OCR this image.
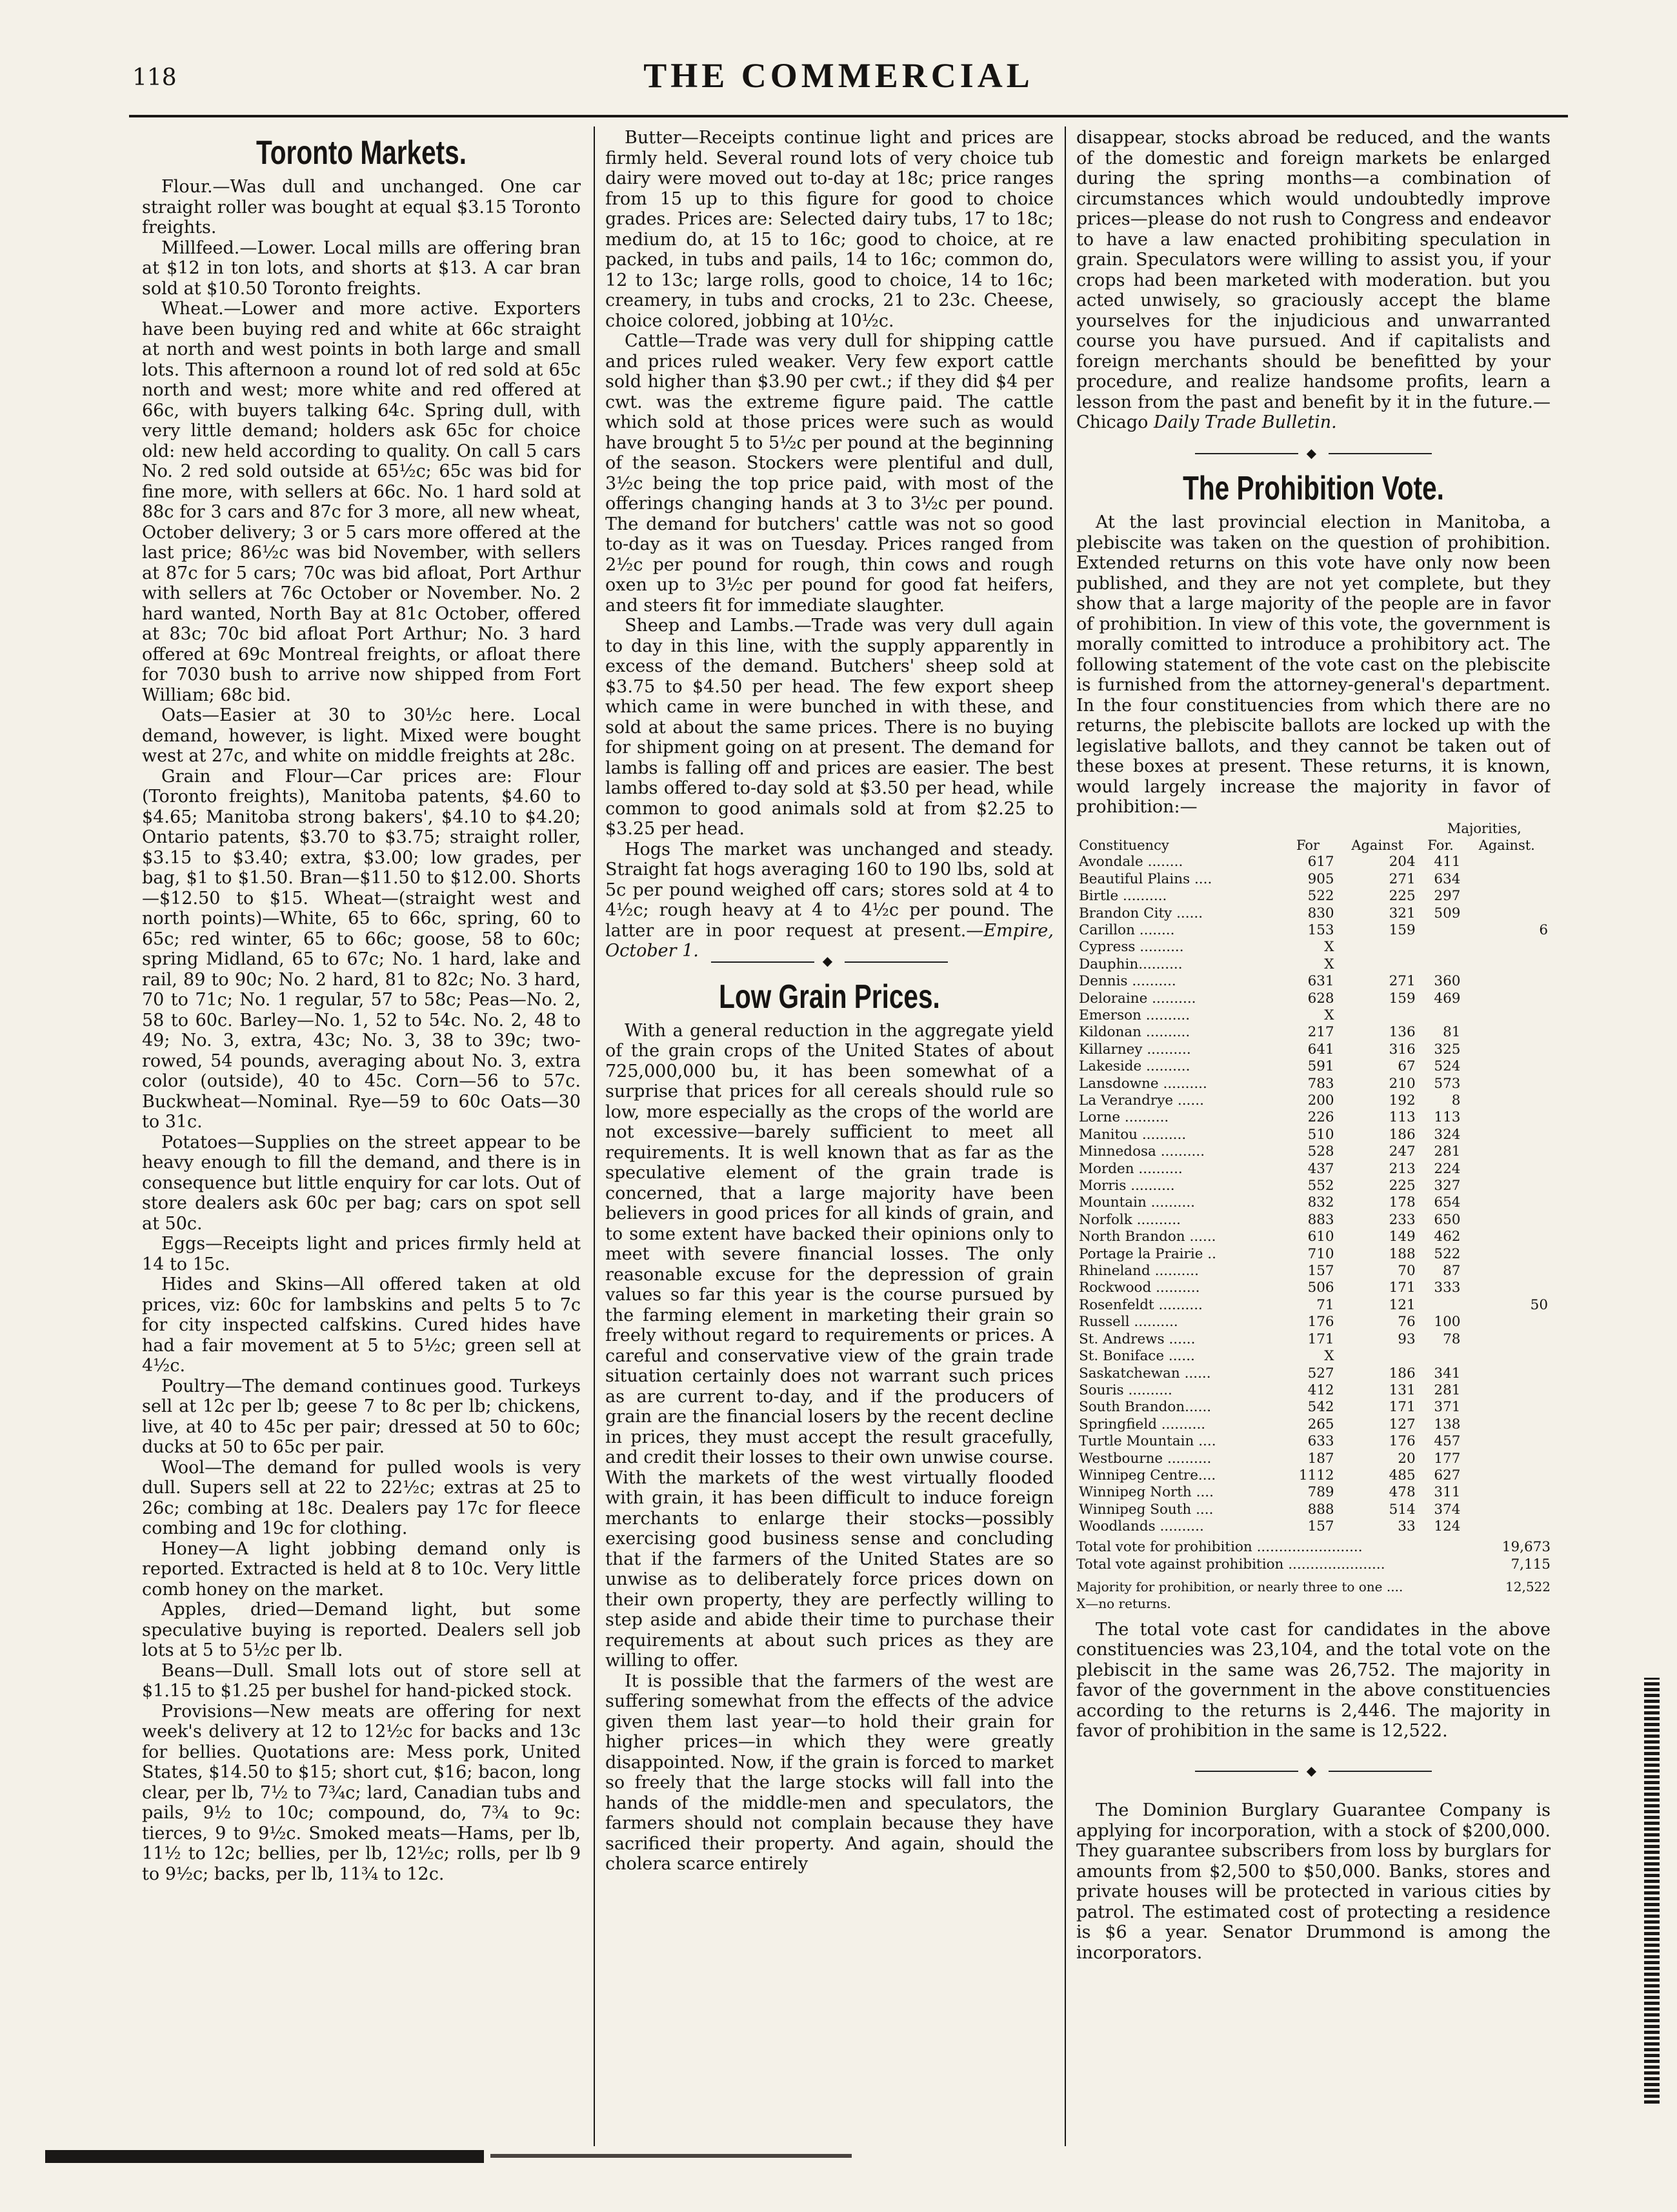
118	THE COMMERCIAL
Toronto Markets.

Flour.—Was dull and unchanged. One car straight roller was bought at equal $3.15 Toronto freights.

Millfeed.—Lower. Local mills are offering bran at $12 in ton lots, and shorts at $13. A car bran sold at $10.50 Toronto freights.

Wheat.—Lower and more active. Exporters have been buying red and white at 66c straight at north and west points in both large and small lots. This afternoon a round lot of red sold at 65c north and west; more white and red offered at 66c, with buyers talking 64c. Spring dull, with very little demand; holders ask 65c for choice old: new held according to quality. On call 5 cars No. 2 red sold outside at 65½c; 65c was bid for fine more, with sellers at 66c. No. 1 hard sold at 88c for 3 cars and 87c for 3 more, all new wheat, October delivery; 3 or 5 cars more offered at the last price; 86½c was bid November, with sellers at 87c for 5 cars; 70c was bid afloat, Port Arthur with sellers at 76c October or November. No. 2 hard wanted, North Bay at 81c October, offered at 83c; 70c bid afloat Port Arthur; No. 3 hard offered at 69c Montreal freights, or afloat there for 7030 bush to arrive now shipped from Fort William; 68c bid.

Oats—Easier at 30 to 30½c here. Local demand, however, is light. Mixed were bought west at 27c, and white on middle freights at 28c.

Grain and Flour—Car prices are: Flour (Toronto freights), Manitoba patents, $4.60 to $4.65; Manitoba strong bakers', $4.10 to $4.20; Ontario patents, $3.70 to $3.75; straight roller, $3.15 to $3.40; extra, $3.00; low grades, per bag, $1 to $1.50. Bran—$11.50 to $12.00. Shorts—$12.50 to $15. Wheat—(straight west and north points)—White, 65 to 66c, spring, 60 to 65c; red winter, 65 to 66c; goose, 58 to 60c; spring Midland, 65 to 67c; No. 1 hard, lake and rail, 89 to 90c; No. 2 hard, 81 to 82c; No. 3 hard, 70 to 71c; No. 1 regular, 57 to 58c; Peas—No. 2, 58 to 60c. Barley—No. 1, 52 to 54c. No. 2, 48 to 49; No. 3, extra, 43c; No. 3, 38 to 39c; two-rowed, 54 pounds, averaging about No. 3, extra color (outside), 40 to 45c. Corn—56 to 57c. Buckwheat—Nominal. Rye—59 to 60c Oats—30 to 31c.

Potatoes—Supplies on the street appear to be heavy enough to fill the demand, and there is in consequence but little enquiry for car lots. Out of store dealers ask 60c per bag; cars on spot sell at 50c.

Eggs—Receipts light and prices firmly held at 14 to 15c.

Hides and Skins—All offered taken at old prices, viz: 60c for lambskins and pelts 5 to 7c for city inspected calfskins. Cured hides have had a fair movement at 5 to 5½c; green sell at 4½c.

Poultry—The demand continues good. Turkeys sell at 12c per lb; geese 7 to 8c per lb; chickens, live, at 40 to 45c per pair; dressed at 50 to 60c; ducks at 50 to 65c per pair.

Wool—The demand for pulled wools is very dull. Supers sell at 22 to 22½c; extras at 25 to 26c; combing at 18c. Dealers pay 17c for fleece combing and 19c for clothing.

Honey—A light jobbing demand only is reported. Extracted is held at 8 to 10c. Very little comb honey on the market.

Apples, dried—Demand light, but some speculative buying is reported. Dealers sell job lots at 5 to 5½c per lb.

Beans—Dull. Small lots out of store sell at $1.15 to $1.25 per bushel for hand-picked stock.

Provisions—New meats are offering for next week's delivery at 12 to 12½c for backs and 13c for bellies. Quotations are: Mess pork, United States, $14.50 to $15; short cut, $16; bacon, long clear, per lb, 7½ to 7¾c; lard, Canadian tubs and pails, 9½ to 10c; compound, do, 7¾ to 9c: tierces, 9 to 9½c. Smoked meats—Hams, per lb, 11½ to 12c; bellies, per lb, 12½c; rolls, per lb 9 to 9½c; backs, per lb, 11¾ to 12c.

Butter—Receipts continue light and prices are firmly held. Several round lots of very choice tub dairy were moved out to-day at 18c; price ranges from 15 up to this figure for good to choice grades. Prices are: Selected dairy tubs, 17 to 18c; medium do, at 15 to 16c; good to choice, at re packed, in tubs and pails, 14 to 16c; common do, 12 to 13c; large rolls, good to choice, 14 to 16c; creamery, in tubs and crocks, 21 to 23c. Cheese, choice colored, jobbing at 10½c.

Cattle—Trade was very dull for shipping cattle and prices ruled weaker. Very few export cattle sold higher than $3.90 per cwt.; if they did $4 per cwt. was the extreme figure paid. The cattle which sold at those prices were such as would have brought 5 to 5½c per pound at the beginning of the season. Stockers were plentiful and dull, 3½c being the top price paid, with most of the offerings changing hands at 3 to 3½c per pound. The demand for butchers' cattle was not so good to-day as it was on Tuesday. Prices ranged from 2½c per pound for rough, thin cows and rough oxen up to 3½c per pound for good fat heifers, and steers fit for immediate slaughter.

Sheep and Lambs.—Trade was very dull again to day in this line, with the supply apparently in excess of the demand. Butchers' sheep sold at $3.75 to $4.50 per head. The few export sheep which came in were bunched in with these, and sold at about the same prices. There is no buying for shipment going on at present. The demand for lambs is falling off and prices are easier. The best lambs offered to-day sold at $3.50 per head, while common to good animals sold at from $2.25 to $3.25 per head.

Hogs The market was unchanged and steady. Straight fat hogs averaging 160 to 190 lbs, sold at 5c per pound weighed off cars; stores sold at 4 to 4½c; rough heavy at 4 to 4½c per pound. The latter are in poor request at present.—Empire, October 1.	◆
Low Grain Prices.

With a general reduction in the aggregate yield of the grain crops of the United States of about 725,000,000 bu, it has been somewhat of a surprise that prices for all cereals should rule so low, more especially as the crops of the world are not excessive—barely sufficient to meet all requirements. It is well known that as far as the speculative element of the grain trade is concerned, that a large majority have been believers in good prices for all kinds of grain, and to some extent have backed their opinions only to meet with severe financial losses. The only reasonable excuse for the depression of grain values so far this year is the course pursued by the farming element in marketing their grain so freely without regard to requirements or prices. A careful and conservative view of the grain trade situation certainly does not warrant such prices as are current to-day, and if the producers of grain are the financial losers by the recent decline in prices, they must accept the result gracefully, and credit their losses to their own unwise course. With the markets of the west virtually flooded with grain, it has been difficult to induce foreign merchants to enlarge their stocks—possibly exercising good business sense and concluding that if the farmers of the United States are so unwise as to deliberately force prices down on their own property, they are perfectly willing to step aside and abide their time to purchase their requirements at about such prices as they are willing to offer.

It is possible that the farmers of the west are suffering somewhat from the effects of the advice given them last year—to hold their grain for higher prices—in which they were greatly disappointed. Now, if the grain is forced to market so freely that the large stocks will fall into the hands of the middle-men and speculators, the farmers should not complain because they have sacrificed their property. And again, should the cholera scarce entirely

disappear, stocks abroad be reduced, and the wants of the domestic and foreign markets be enlarged during the spring months—a combination of circumstances which would undoubtedly improve prices—please do not rush to Congress and endeavor to have a law enacted prohibiting speculation in grain. Speculators were willing to assist you, if your crops had been marketed with moderation. but you acted unwisely, so graciously accept the blame yourselves for the injudicious and unwarranted course you have pursued. And if capitalists and foreign merchants should be benefitted by your procedure, and realize handsome profits, learn a lesson from the past and benefit by it in the future.—Chicago Daily Trade Bulletin.

◆
The Prohibition Vote.

At the last provincial election in Manitoba, a plebiscite was taken on the question of prohibition. Extended returns on this vote have only now been published, and they are not yet complete, but they show that a large majority of the people are in favor of prohibition. In view of this vote, the government is morally comitted to introduce a prohibitory act. The following statement of the vote cast on the plebiscite is furnished from the attorney-general's department. In the four constituencies from which there are no returns, the plebiscite ballots are locked up with the legislative ballots, and they cannot be taken out of these boxes at present. These returns, it is known, would largely increase the majority in favor of prohibition:—

			Majorities,	
Constituency	For	Against	For.	Against.
Avondale ........	617	204	411	
Beautiful Plains ....	905	271	634	
Birtle ..........	522	225	297	
Brandon City ......	830	321	509	
Carillon ........	153	159		6
Cypress ..........	X			
Dauphin..........	X			
Dennis ..........	631	271	360	
Deloraine ..........	628	159	469	
Emerson ..........	X			
Kildonan ..........	217	136	81	
Killarney ..........	641	316	325	
Lakeside ..........	591	67	524	
Lansdowne ..........	783	210	573	
La Verandrye ......	200	192	8	
Lorne ..........	226	113	113	
Manitou ..........	510	186	324	
Minnedosa ..........	528	247	281	
Morden ..........	437	213	224	
Morris ..........	552	225	327	
Mountain ..........	832	178	654	
Norfolk ..........	883	233	650	
North Brandon ......	610	149	462	
Portage la Prairie ..	710	188	522	
Rhineland ..........	157	70	87	
Rockwood ..........	506	171	333	
Rosenfeldt ..........	71	121		50
Russell ..........	176	76	100	
St. Andrews ......	171	93	78	
St. Boniface ......	X			
Saskatchewan ......	527	186	341	
Souris ..........	412	131	281	
South Brandon......	542	171	371	
Springfield ..........	265	127	138	
Turtle Mountain ....	633	176	457	
Westbourne ..........	187	20	177	
Winnipeg Centre....	1112	485	627	
Winnipeg North ....	789	478	311	
Winnipeg South ....	888	514	374	
Woodlands ..........	157	33	124	
Total vote for prohibition ........................	19,673
Total vote against prohibition ......................	7,115
Majority for prohibition, or nearly three to one ....	12,522
X—no returns.

The total vote cast for candidates in the above constituencies was 23,104, and the total vote on the plebiscit in the same was 26,752. The majority in favor of the government in the above constituencies according to the returns is 2,446. The majority in favor of prohibition in the same is 12,522.

◆

The Dominion Burglary Guarantee Company is applying for incorporation, with a stock of $200,000. They guarantee subscribers from loss by burglars for amounts from $2,500 to $50,000. Banks, stores and private houses will be protected in various cities by patrol. The estimated cost of protecting a residence is $6 a year. Senator Drummond is among the incorporators.
